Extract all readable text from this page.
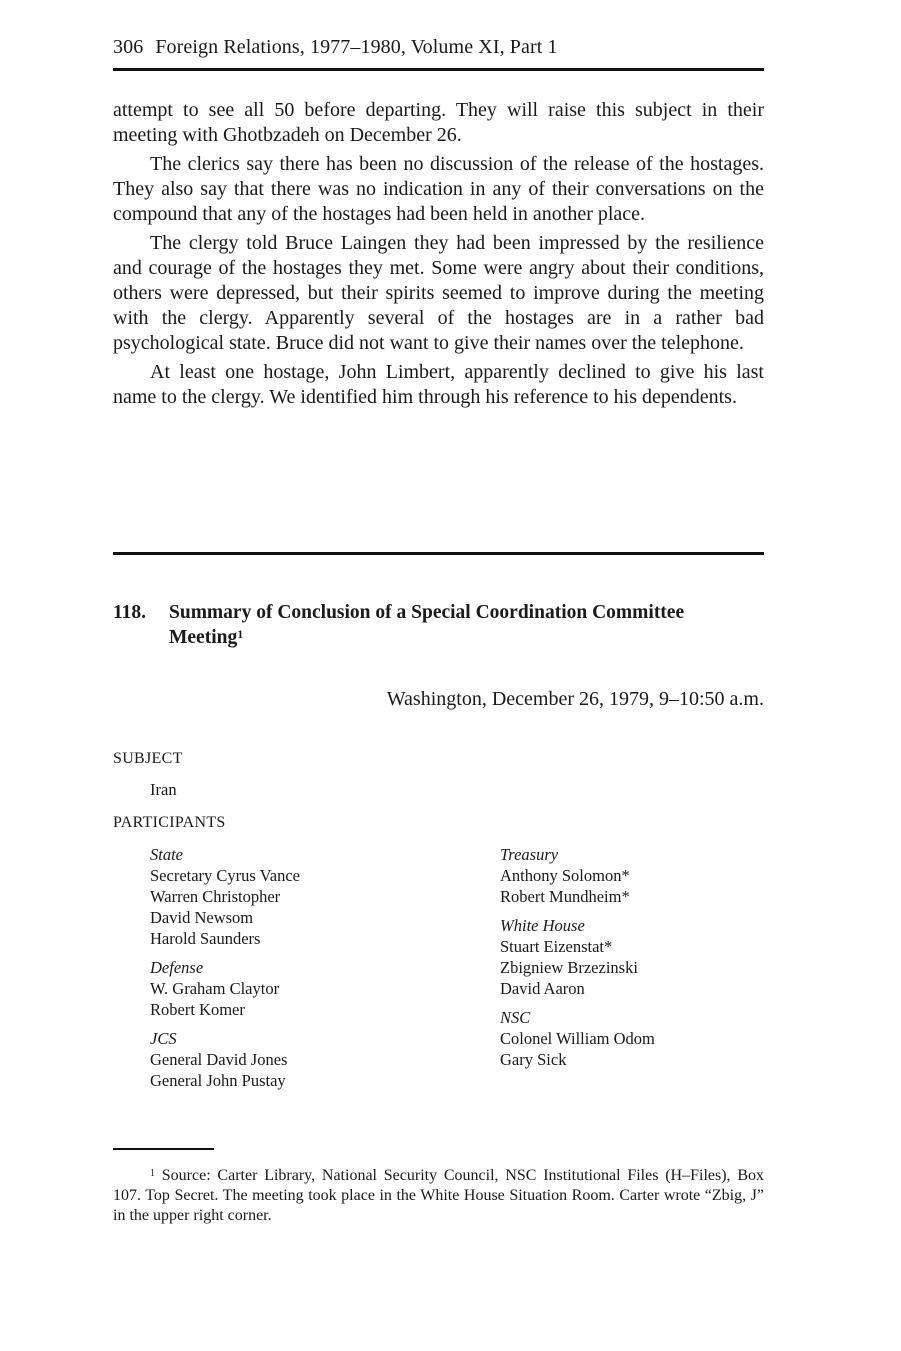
306 Foreign Relations, 1977–1980, Volume XI, Part 1

attempt to see all 50 before departing. They will raise this subject in their meeting with Ghotbzadeh on December 26.

The clerics say there has been no discussion of the release of the hostages. They also say that there was no indication in any of their conversations on the compound that any of the hostages had been held in another place.

The clergy told Bruce Laingen they had been impressed by the resilience and courage of the hostages they met. Some were angry about their conditions, others were depressed, but their spirits seemed to improve during the meeting with the clergy. Apparently several of the hostages are in a rather bad psychological state. Bruce did not want to give their names over the telephone.

At least one hostage, John Limbert, apparently declined to give his last name to the clergy. We identified him through his reference to his dependents.

118. Summary of Conclusion of a Special Coordination Committee Meeting$^1$
Washington, December 26, 1979, 9–10:50 a.m.
SUBJECT
Iran
PARTICIPANTS
State
Secretary Cyrus Vance
Warren Christopher
David Newsom
Harold Saunders
Defense
W. Graham Claytor
Robert Komer
JCS
General David Jones
General John Pustay
Treasury
Anthony Solomon*
Robert Mundheim*
White House
Stuart Eizenstat*
Zbigniew Brzezinski
David Aaron
NSC
Colonel William Odom
Gary Sick
$^1$ Source: Carter Library, National Security Council, NSC Institutional Files (H–Files), Box 107. Top Secret. The meeting took place in the White House Situation Room. Carter wrote “Zbig, J” in the upper right corner.
